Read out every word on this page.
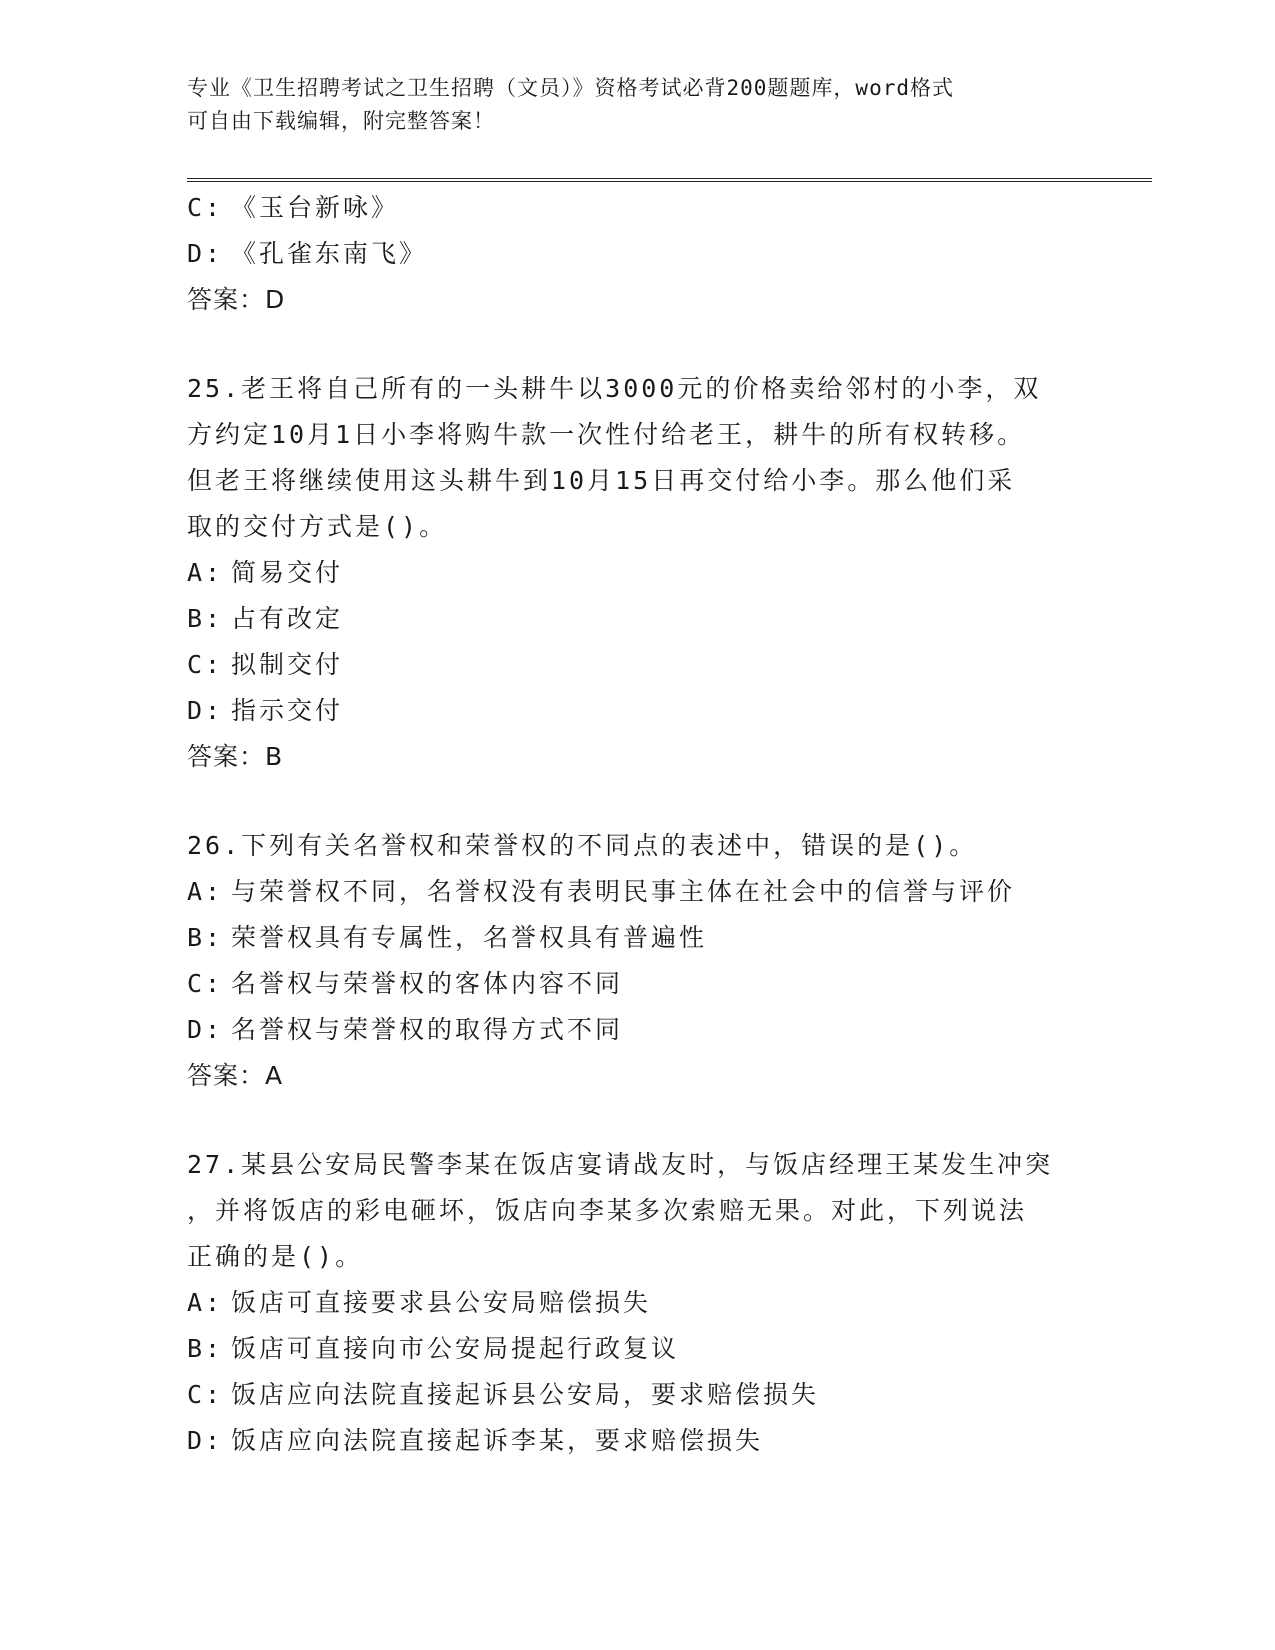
专业《卫生招聘考试之卫生招聘（文员）》资格考试必背200题题库，word格式
可自由下载编辑，附完整答案！
C: 《玉台新咏》
D: 《孔雀东南飞》
答案：D
25.老王将自己所有的一头耕牛以3000元的价格卖给邻村的小李，双
方约定10月1日小李将购牛款一次性付给老王，耕牛的所有权转移。
但老王将继续使用这头耕牛到10月15日再交付给小李。那么他们采
取的交付方式是()。
A: 简易交付
B: 占有改定
C: 拟制交付
D: 指示交付
答案：B
26.下列有关名誉权和荣誉权的不同点的表述中，错误的是()。
A: 与荣誉权不同，名誉权没有表明民事主体在社会中的信誉与评价
B: 荣誉权具有专属性，名誉权具有普遍性
C: 名誉权与荣誉权的客体内容不同
D: 名誉权与荣誉权的取得方式不同
答案：A
27.某县公安局民警李某在饭店宴请战友时，与饭店经理王某发生冲突
，并将饭店的彩电砸坏，饭店向李某多次索赔无果。对此，下列说法
正确的是()。
A: 饭店可直接要求县公安局赔偿损失
B: 饭店可直接向市公安局提起行政复议
C: 饭店应向法院直接起诉县公安局，要求赔偿损失
D: 饭店应向法院直接起诉李某，要求赔偿损失
